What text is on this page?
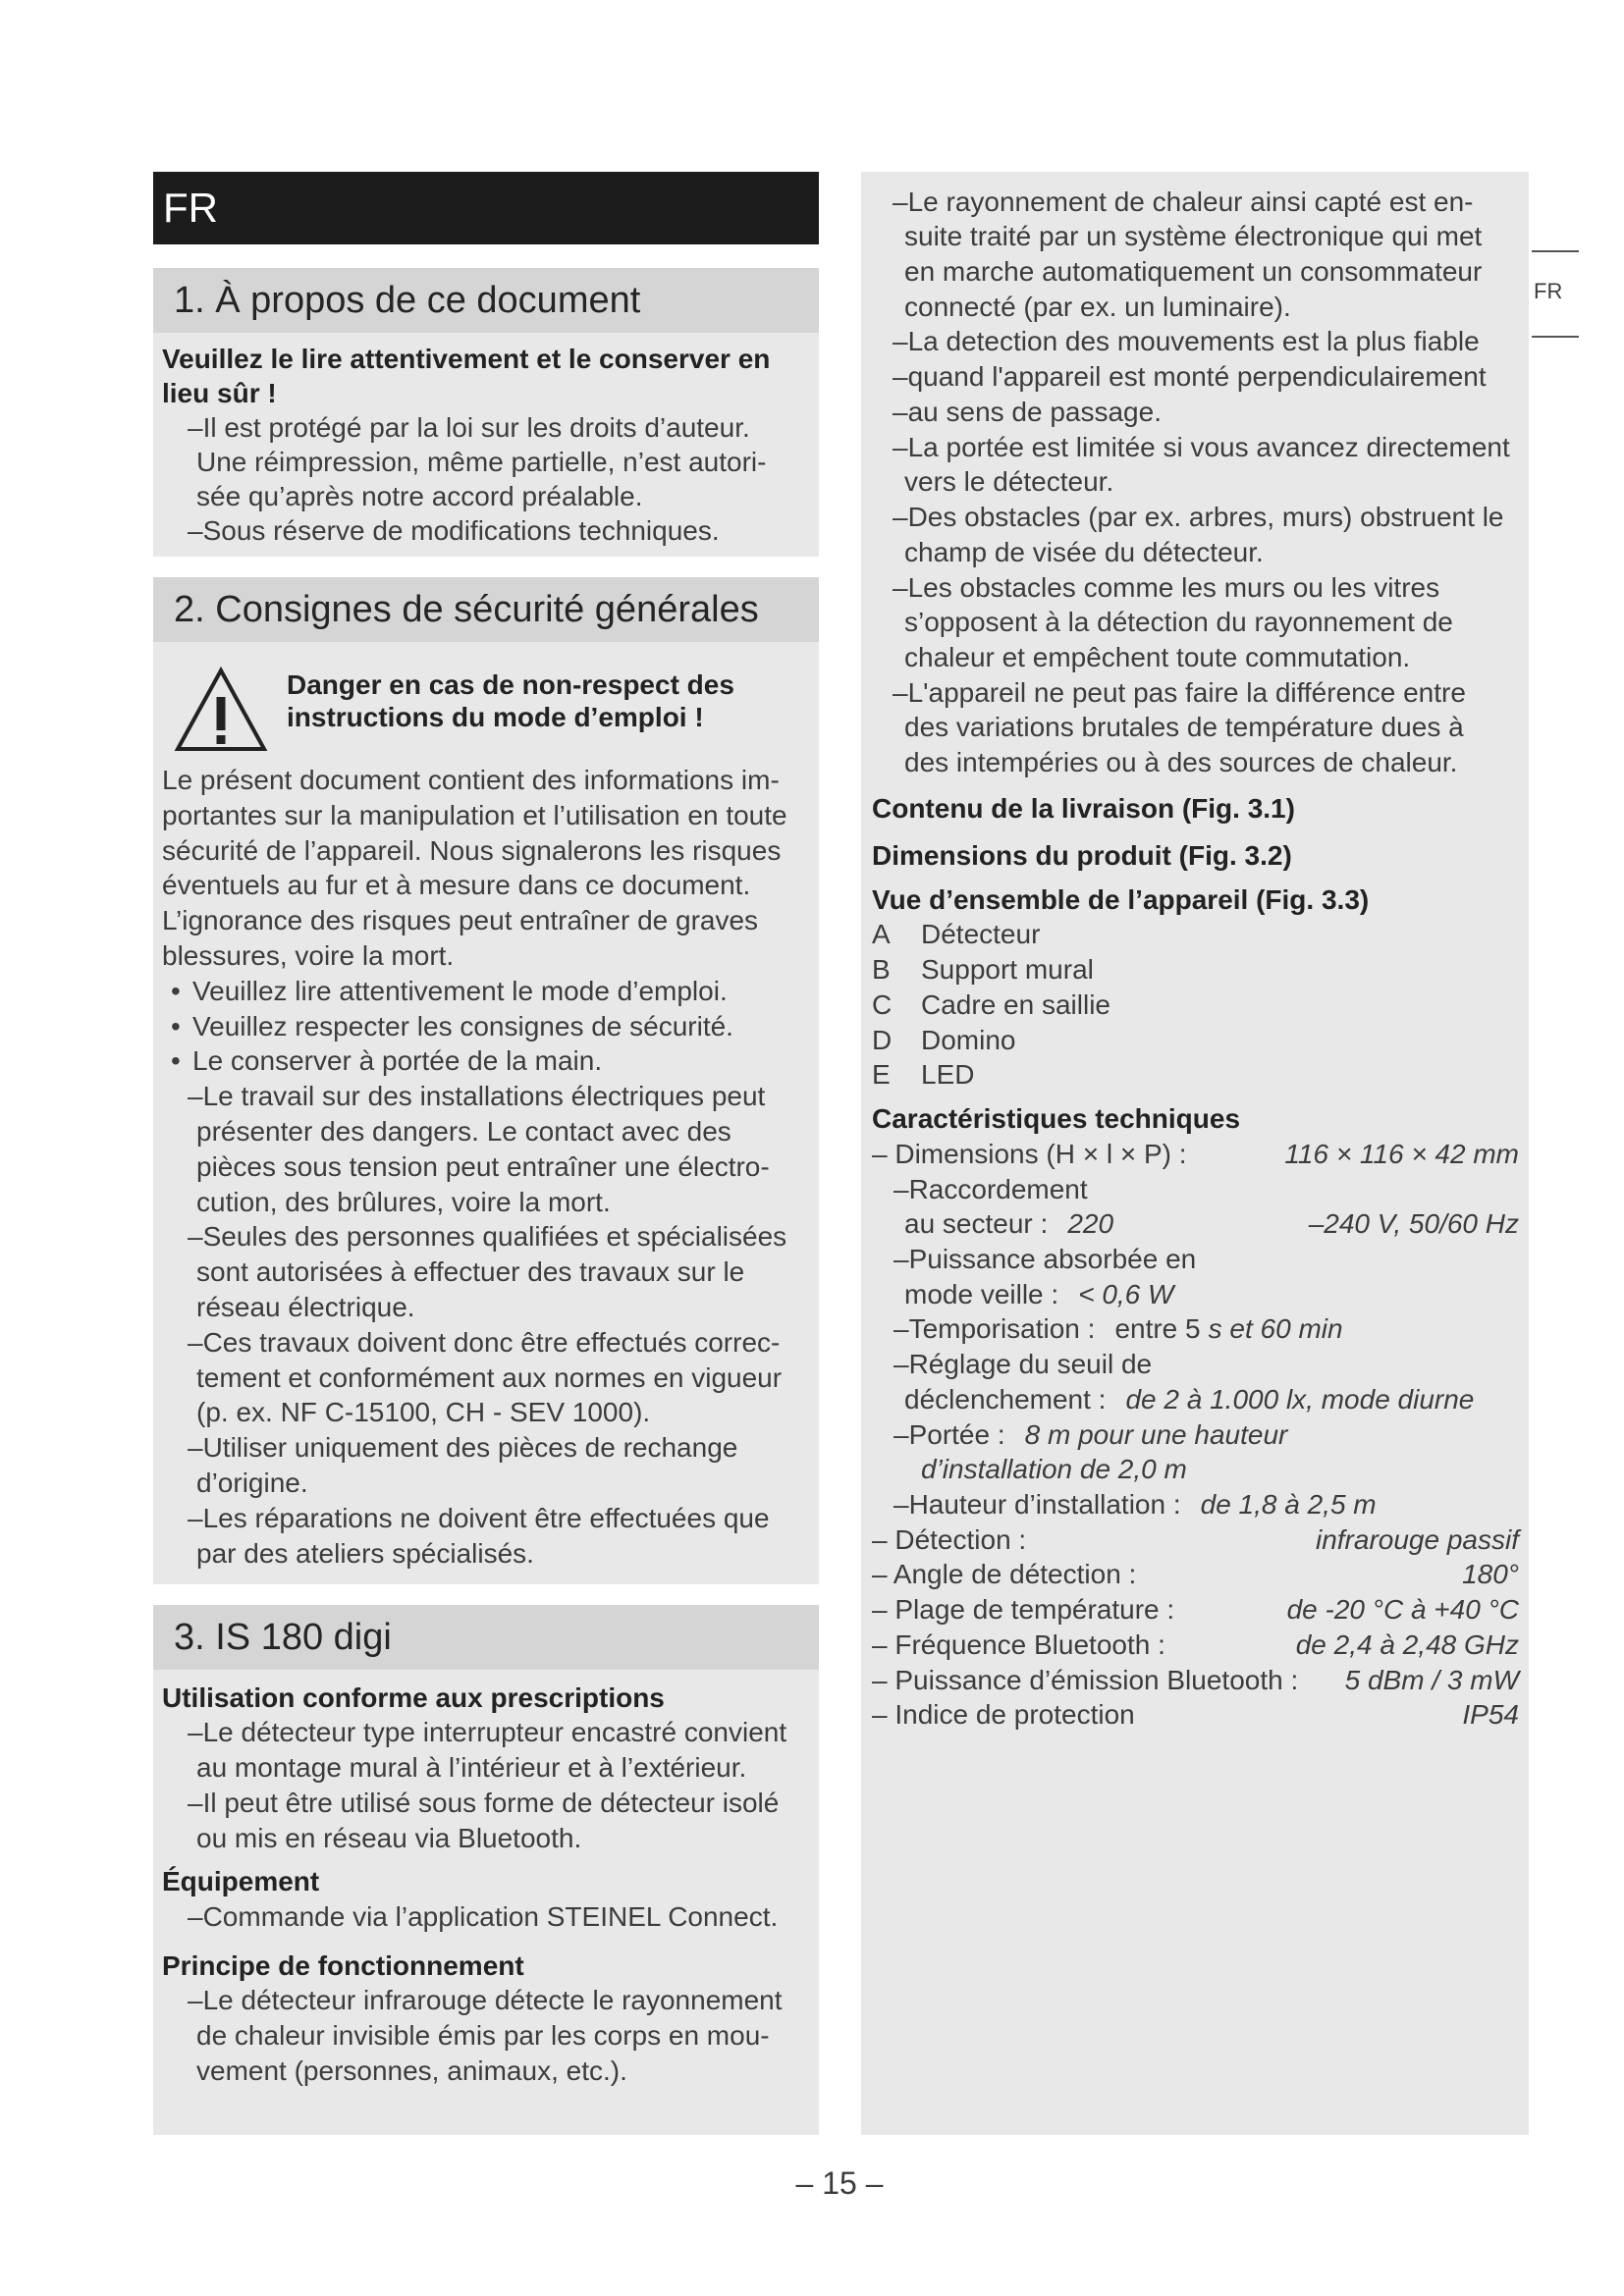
FR
1. À propos de ce document
Veuillez le lire attentivement et le conserver en
lieu sûr !
–Il est protégé par la loi sur les droits d’auteur.
Une réimpression, même partielle, n’est autori-
sée qu’après notre accord préalable.
–Sous réserve de modifications techniques.
2. Consignes de sécurité générales
Danger en cas de non-respect des
instructions du mode d’emploi !
Le présent document contient des informations im-
portantes sur la manipulation et l’utilisation en toute
sécurité de l’appareil. Nous signalerons les risques
éventuels au fur et à mesure dans ce document.
L’ignorance des risques peut entraîner de graves
blessures, voire la mort.
• Veuillez lire attentivement le mode d’emploi.
• Veuillez respecter les consignes de sécurité.
• Le conserver à portée de la main.
–Le travail sur des installations électriques peut
présenter des dangers. Le contact avec des
pièces sous tension peut entraîner une électro-
cution, des brûlures, voire la mort.
–Seules des personnes qualifiées et spécialisées
sont autorisées à effectuer des travaux sur le
réseau électrique.
–Ces travaux doivent donc être effectués correc-
tement et conformément aux normes en vigueur
(p. ex. NF C-15100, CH - SEV 1000).
–Utiliser uniquement des pièces de rechange
d’origine.
–Les réparations ne doivent être effectuées que
par des ateliers spécialisés.
3. IS 180 digi
Utilisation conforme aux prescriptions
–Le détecteur type interrupteur encastré convient
au montage mural à l’intérieur et à l’extérieur.
–Il peut être utilisé sous forme de détecteur isolé
ou mis en réseau via Bluetooth.
Équipement
–Commande via l’application STEINEL Connect.
Principe de fonctionnement
–Le détecteur infrarouge détecte le rayonnement
de chaleur invisible émis par les corps en mou-
vement (personnes, animaux, etc.).
–Le rayonnement de chaleur ainsi capté est en-
suite traité par un système électronique qui met
en marche automatiquement un consommateur
connecté (par ex. un luminaire).
–La detection des mouvements est la plus fiable
–quand l'appareil est monté perpendiculairement
–au sens de passage.
–La portée est limitée si vous avancez directement
vers le détecteur.
–Des obstacles (par ex. arbres, murs) obstruent le
champ de visée du détecteur.
–Les obstacles comme les murs ou les vitres
s’opposent à la détection du rayonnement de
chaleur et empêchent toute commutation.
–L'appareil ne peut pas faire la différence entre
des variations brutales de température dues à
des intempéries ou à des sources de chaleur.
Contenu de la livraison (Fig. 3.1)
Dimensions du produit (Fig. 3.2)
Vue d’ensemble de l’appareil (Fig. 3.3)
A	Détecteur
B	Support mural
C	Cadre en saillie
D	Domino
E	LED
Caractéristiques techniques
– Dimensions (H × l × P) :	116 × 116 × 42 mm
–Raccordement
au secteur : 220	–240 V, 50/60 Hz
–Puissance absorbée en
mode veille : < 0,6 W
–Temporisation : entre 5 s et 60 min
–Réglage du seuil de
déclenchement : de 2 à 1.000 lx, mode diurne
–Portée : 8 m pour une hauteur
d’installation de 2,0 m
–Hauteur d’installation : de 1,8 à 2,5 m
– Détection :	infrarouge passif
– Angle de détection :	180°
– Plage de température :	de -20 °C à +40 °C
– Fréquence Bluetooth :	de 2,4 à 2,48 GHz
– Puissance d’émission Bluetooth : 5 dBm / 3 mW
– Indice de protection	IP54
FR
– 15 –
